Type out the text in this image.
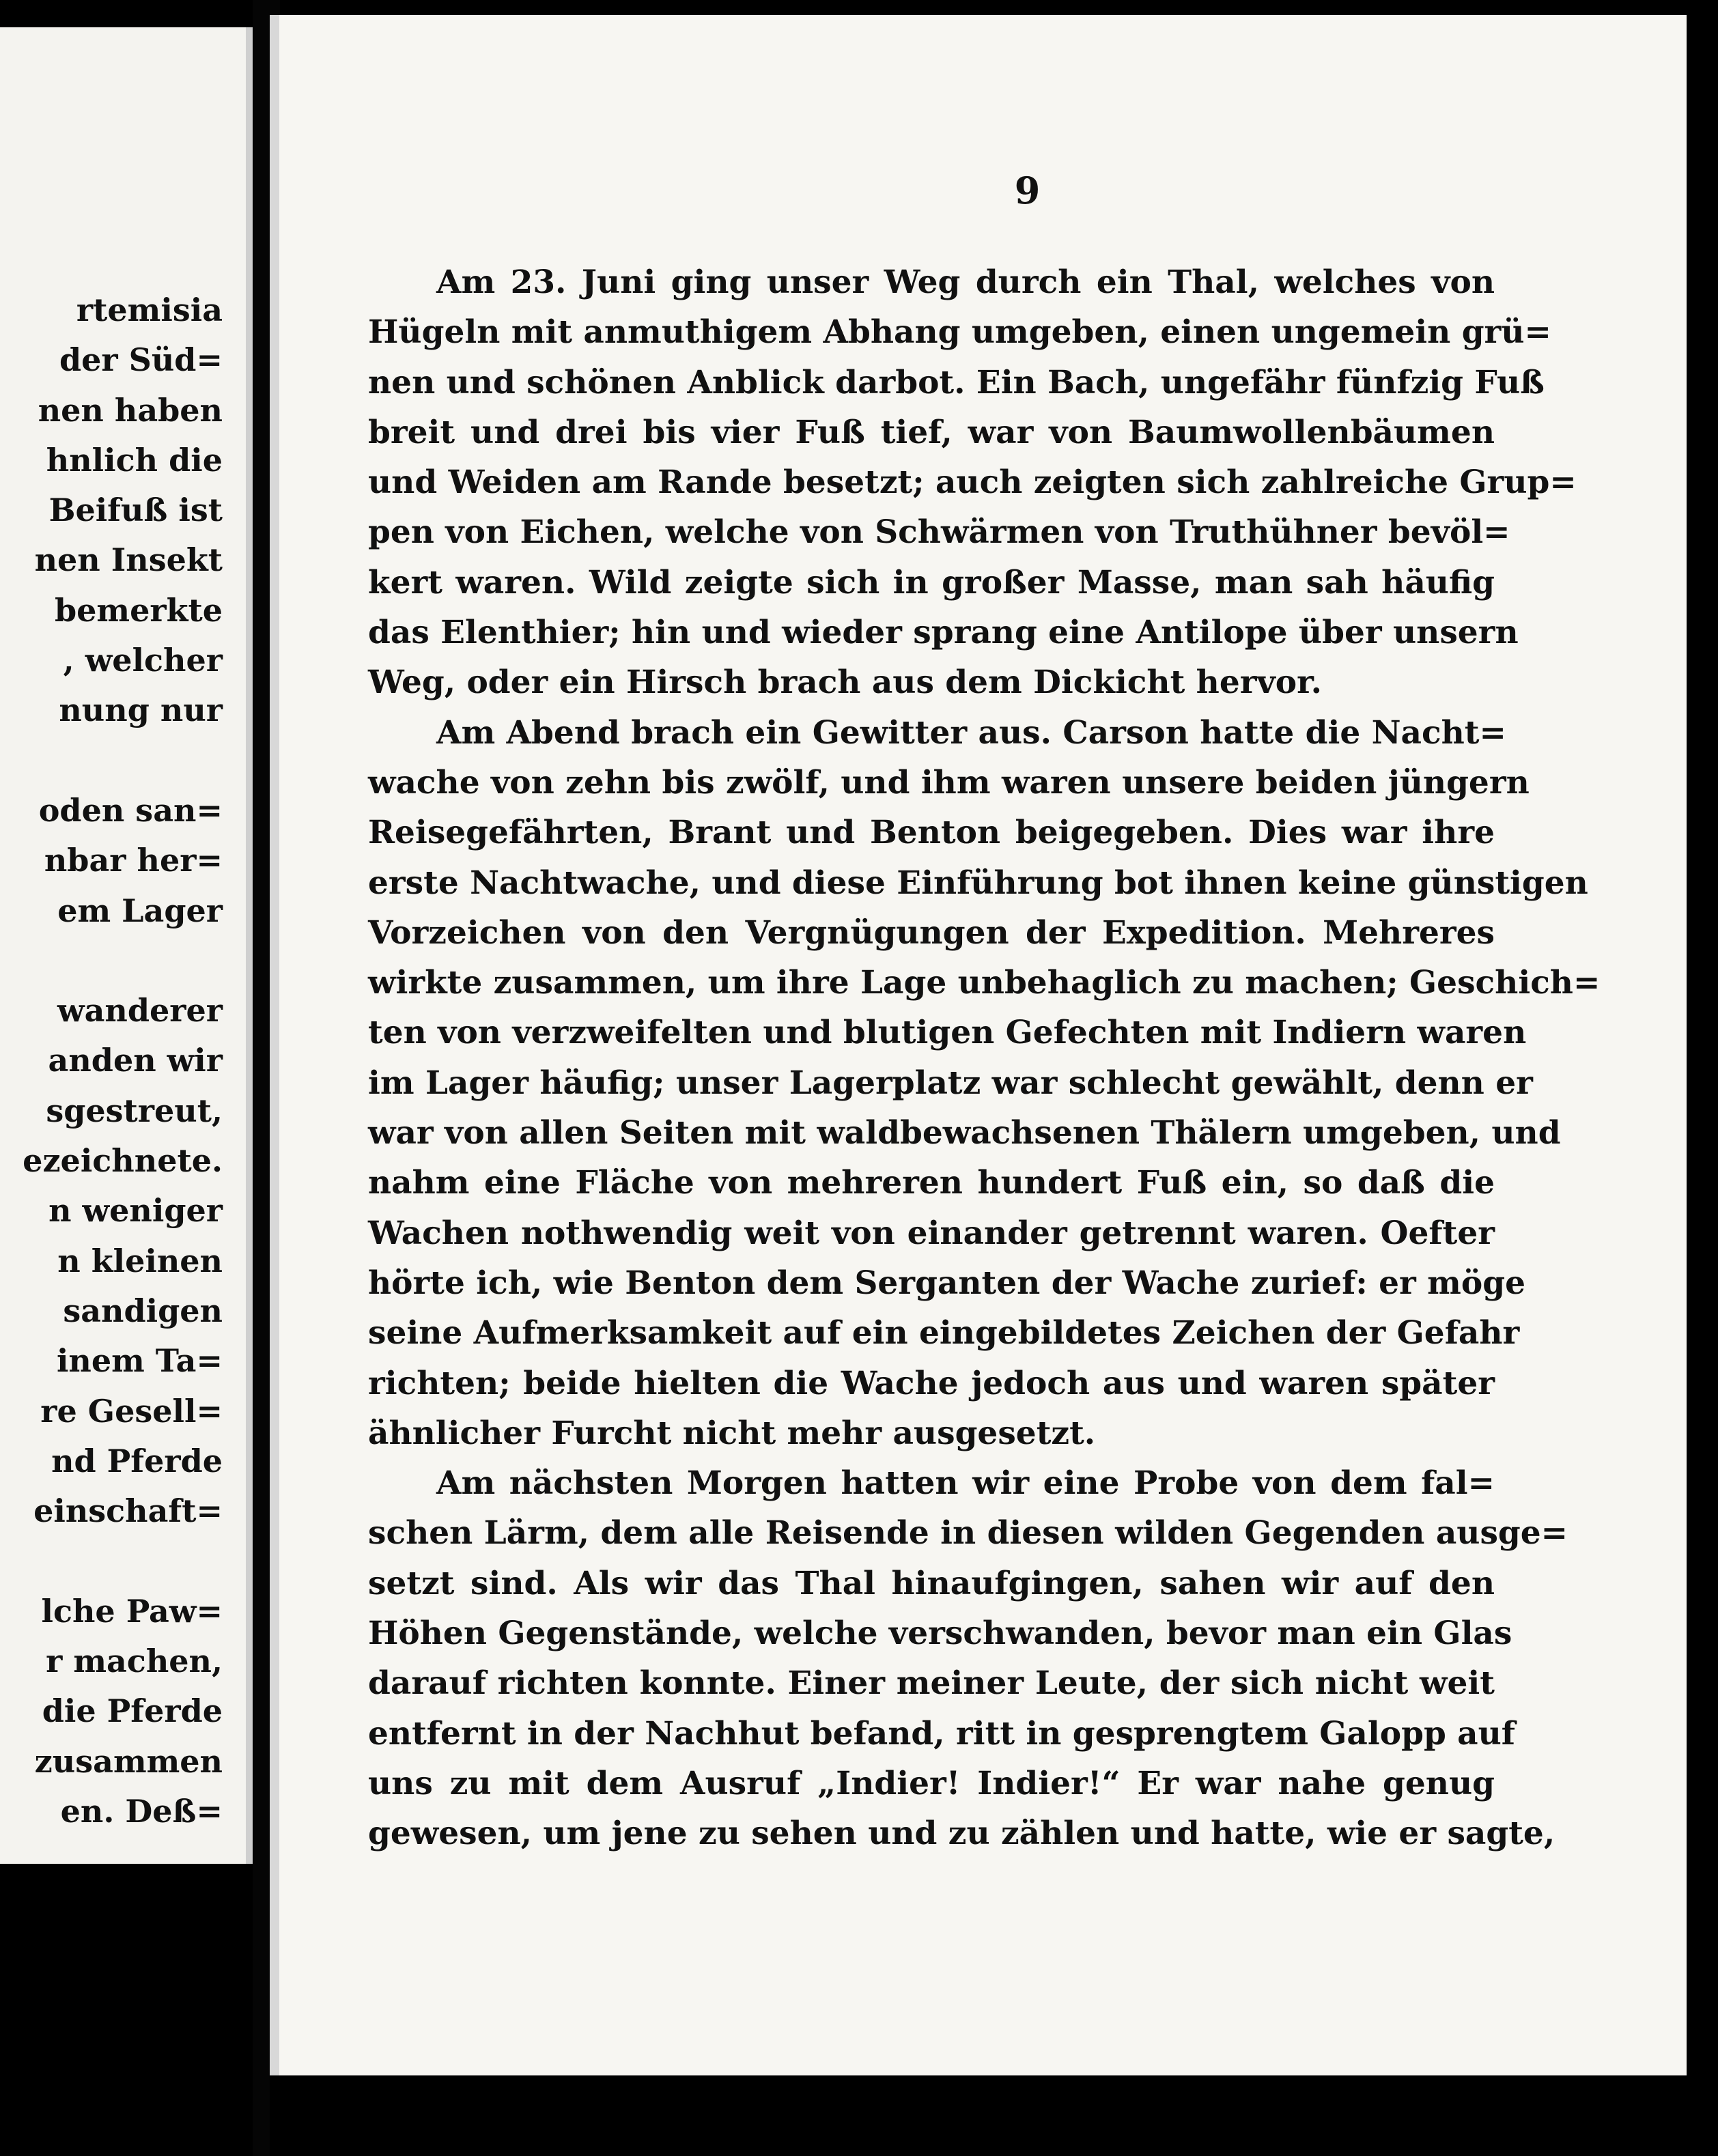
rtemisia
der Süd=
nen haben
hnlich die
Beifuß ist
nen Insekt
bemerkte
, welcher
nung nur
oden san=
nbar her=
em Lager
wanderer
anden wir
sgestreut,
ezeichnete.
n weniger
n kleinen
sandigen
inem Ta=
re Gesell=
nd Pferde
einschaft=
lche Paw=
r machen,
die Pferde
zusammen
en. Deß=
9
Am 23. Juni ging unser Weg durch ein Thal, welches von
Hügeln mit anmuthigem Abhang umgeben, einen ungemein grü=
nen und schönen Anblick darbot. Ein Bach, ungefähr fünfzig Fuß
breit und drei bis vier Fuß tief, war von Baumwollenbäumen
und Weiden am Rande besetzt; auch zeigten sich zahlreiche Grup=
pen von Eichen, welche von Schwärmen von Truthühner bevöl=
kert waren. Wild zeigte sich in großer Masse, man sah häufig
das Elenthier; hin und wieder sprang eine Antilope über unsern
Weg, oder ein Hirsch brach aus dem Dickicht hervor.
Am Abend brach ein Gewitter aus. Carson hatte die Nacht=
wache von zehn bis zwölf, und ihm waren unsere beiden jüngern
Reisegefährten, Brant und Benton beigegeben. Dies war ihre
erste Nachtwache, und diese Einführung bot ihnen keine günstigen
Vorzeichen von den Vergnügungen der Expedition. Mehreres
wirkte zusammen, um ihre Lage unbehaglich zu machen; Geschich=
ten von verzweifelten und blutigen Gefechten mit Indiern waren
im Lager häufig; unser Lagerplatz war schlecht gewählt, denn er
war von allen Seiten mit waldbewachsenen Thälern umgeben, und
nahm eine Fläche von mehreren hundert Fuß ein, so daß die
Wachen nothwendig weit von einander getrennt waren. Oefter
hörte ich, wie Benton dem Serganten der Wache zurief: er möge
seine Aufmerksamkeit auf ein eingebildetes Zeichen der Gefahr
richten; beide hielten die Wache jedoch aus und waren später
ähnlicher Furcht nicht mehr ausgesetzt.
Am nächsten Morgen hatten wir eine Probe von dem fal=
schen Lärm, dem alle Reisende in diesen wilden Gegenden ausge=
setzt sind. Als wir das Thal hinaufgingen, sahen wir auf den
Höhen Gegenstände, welche verschwanden, bevor man ein Glas
darauf richten konnte. Einer meiner Leute, der sich nicht weit
entfernt in der Nachhut befand, ritt in gesprengtem Galopp auf
uns zu mit dem Ausruf „Indier! Indier!“ Er war nahe genug
gewesen, um jene zu sehen und zu zählen und hatte, wie er sagte,
